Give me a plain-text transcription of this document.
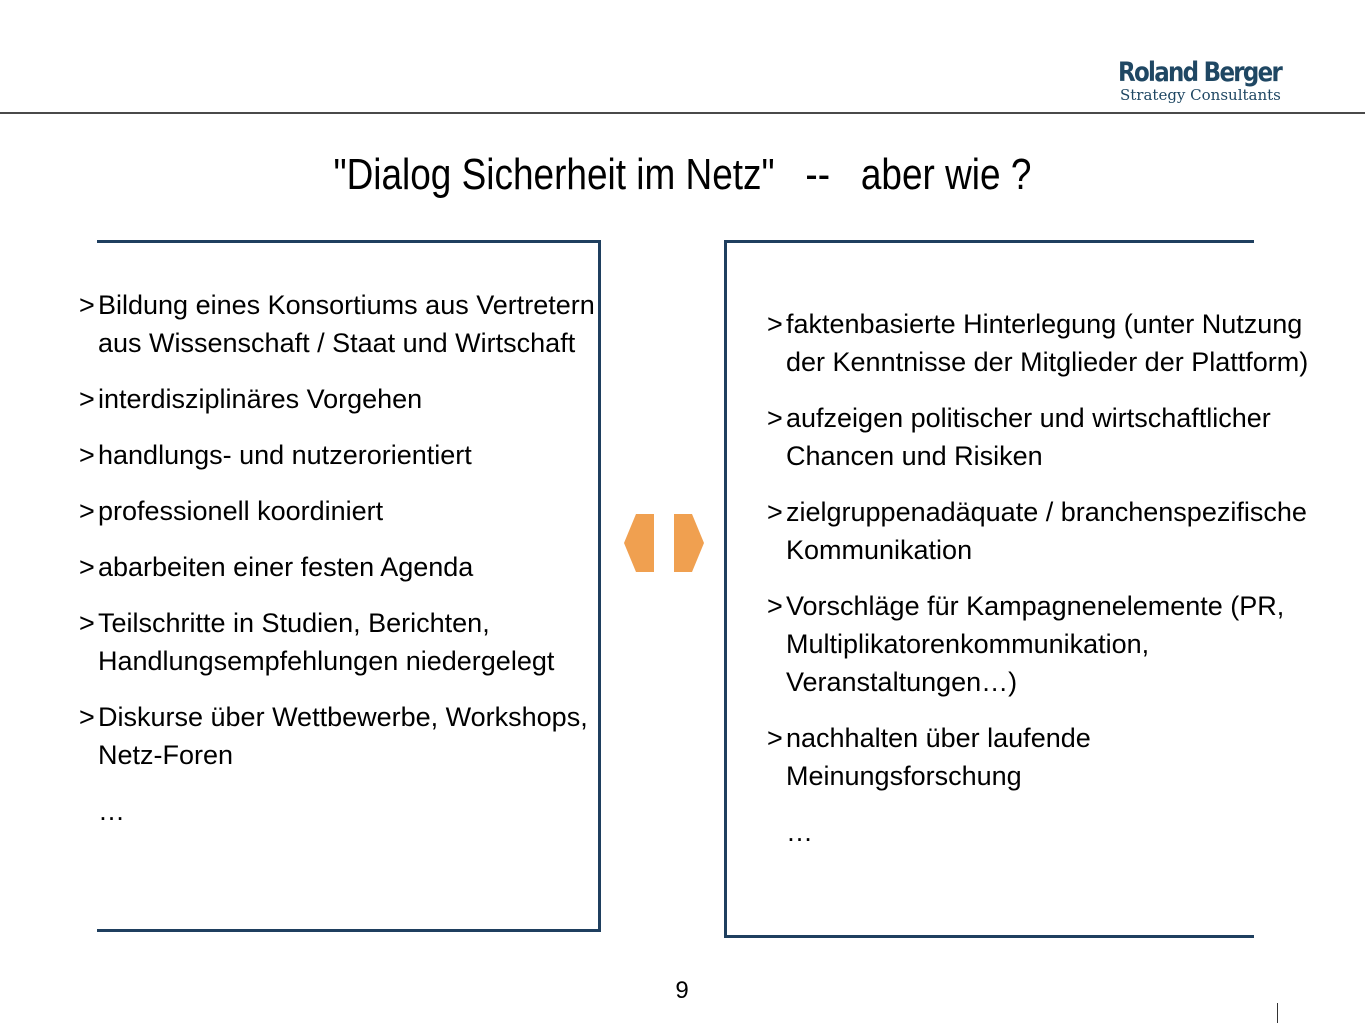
Roland Berger
Strategy Consultants
"Dialog Sicherheit im Netz"   --   aber wie ?
> Bildung eines Konsortiums aus Vertretern aus Wissenschaft / Staat und Wirtschaft
> interdisziplinäres Vorgehen
> handlungs- und nutzerorientiert
> professionell koordiniert
> abarbeiten einer festen Agenda
> Teilschritte in Studien, Berichten, Handlungsempfehlungen niedergelegt
> Diskurse über Wettbewerbe, Workshops, Netz-Foren
…
> faktenbasierte Hinterlegung (unter Nutzung der Kenntnisse der Mitglieder der Plattform)
> aufzeigen politischer und wirtschaftlicher Chancen und Risiken
> zielgruppenadäquate / branchenspezifische Kommunikation
> Vorschläge für Kampagnenelemente (PR, Multiplikatorenkommunikation, Veranstaltungen…)
> nachhalten über laufende Meinungsforschung
…
9
